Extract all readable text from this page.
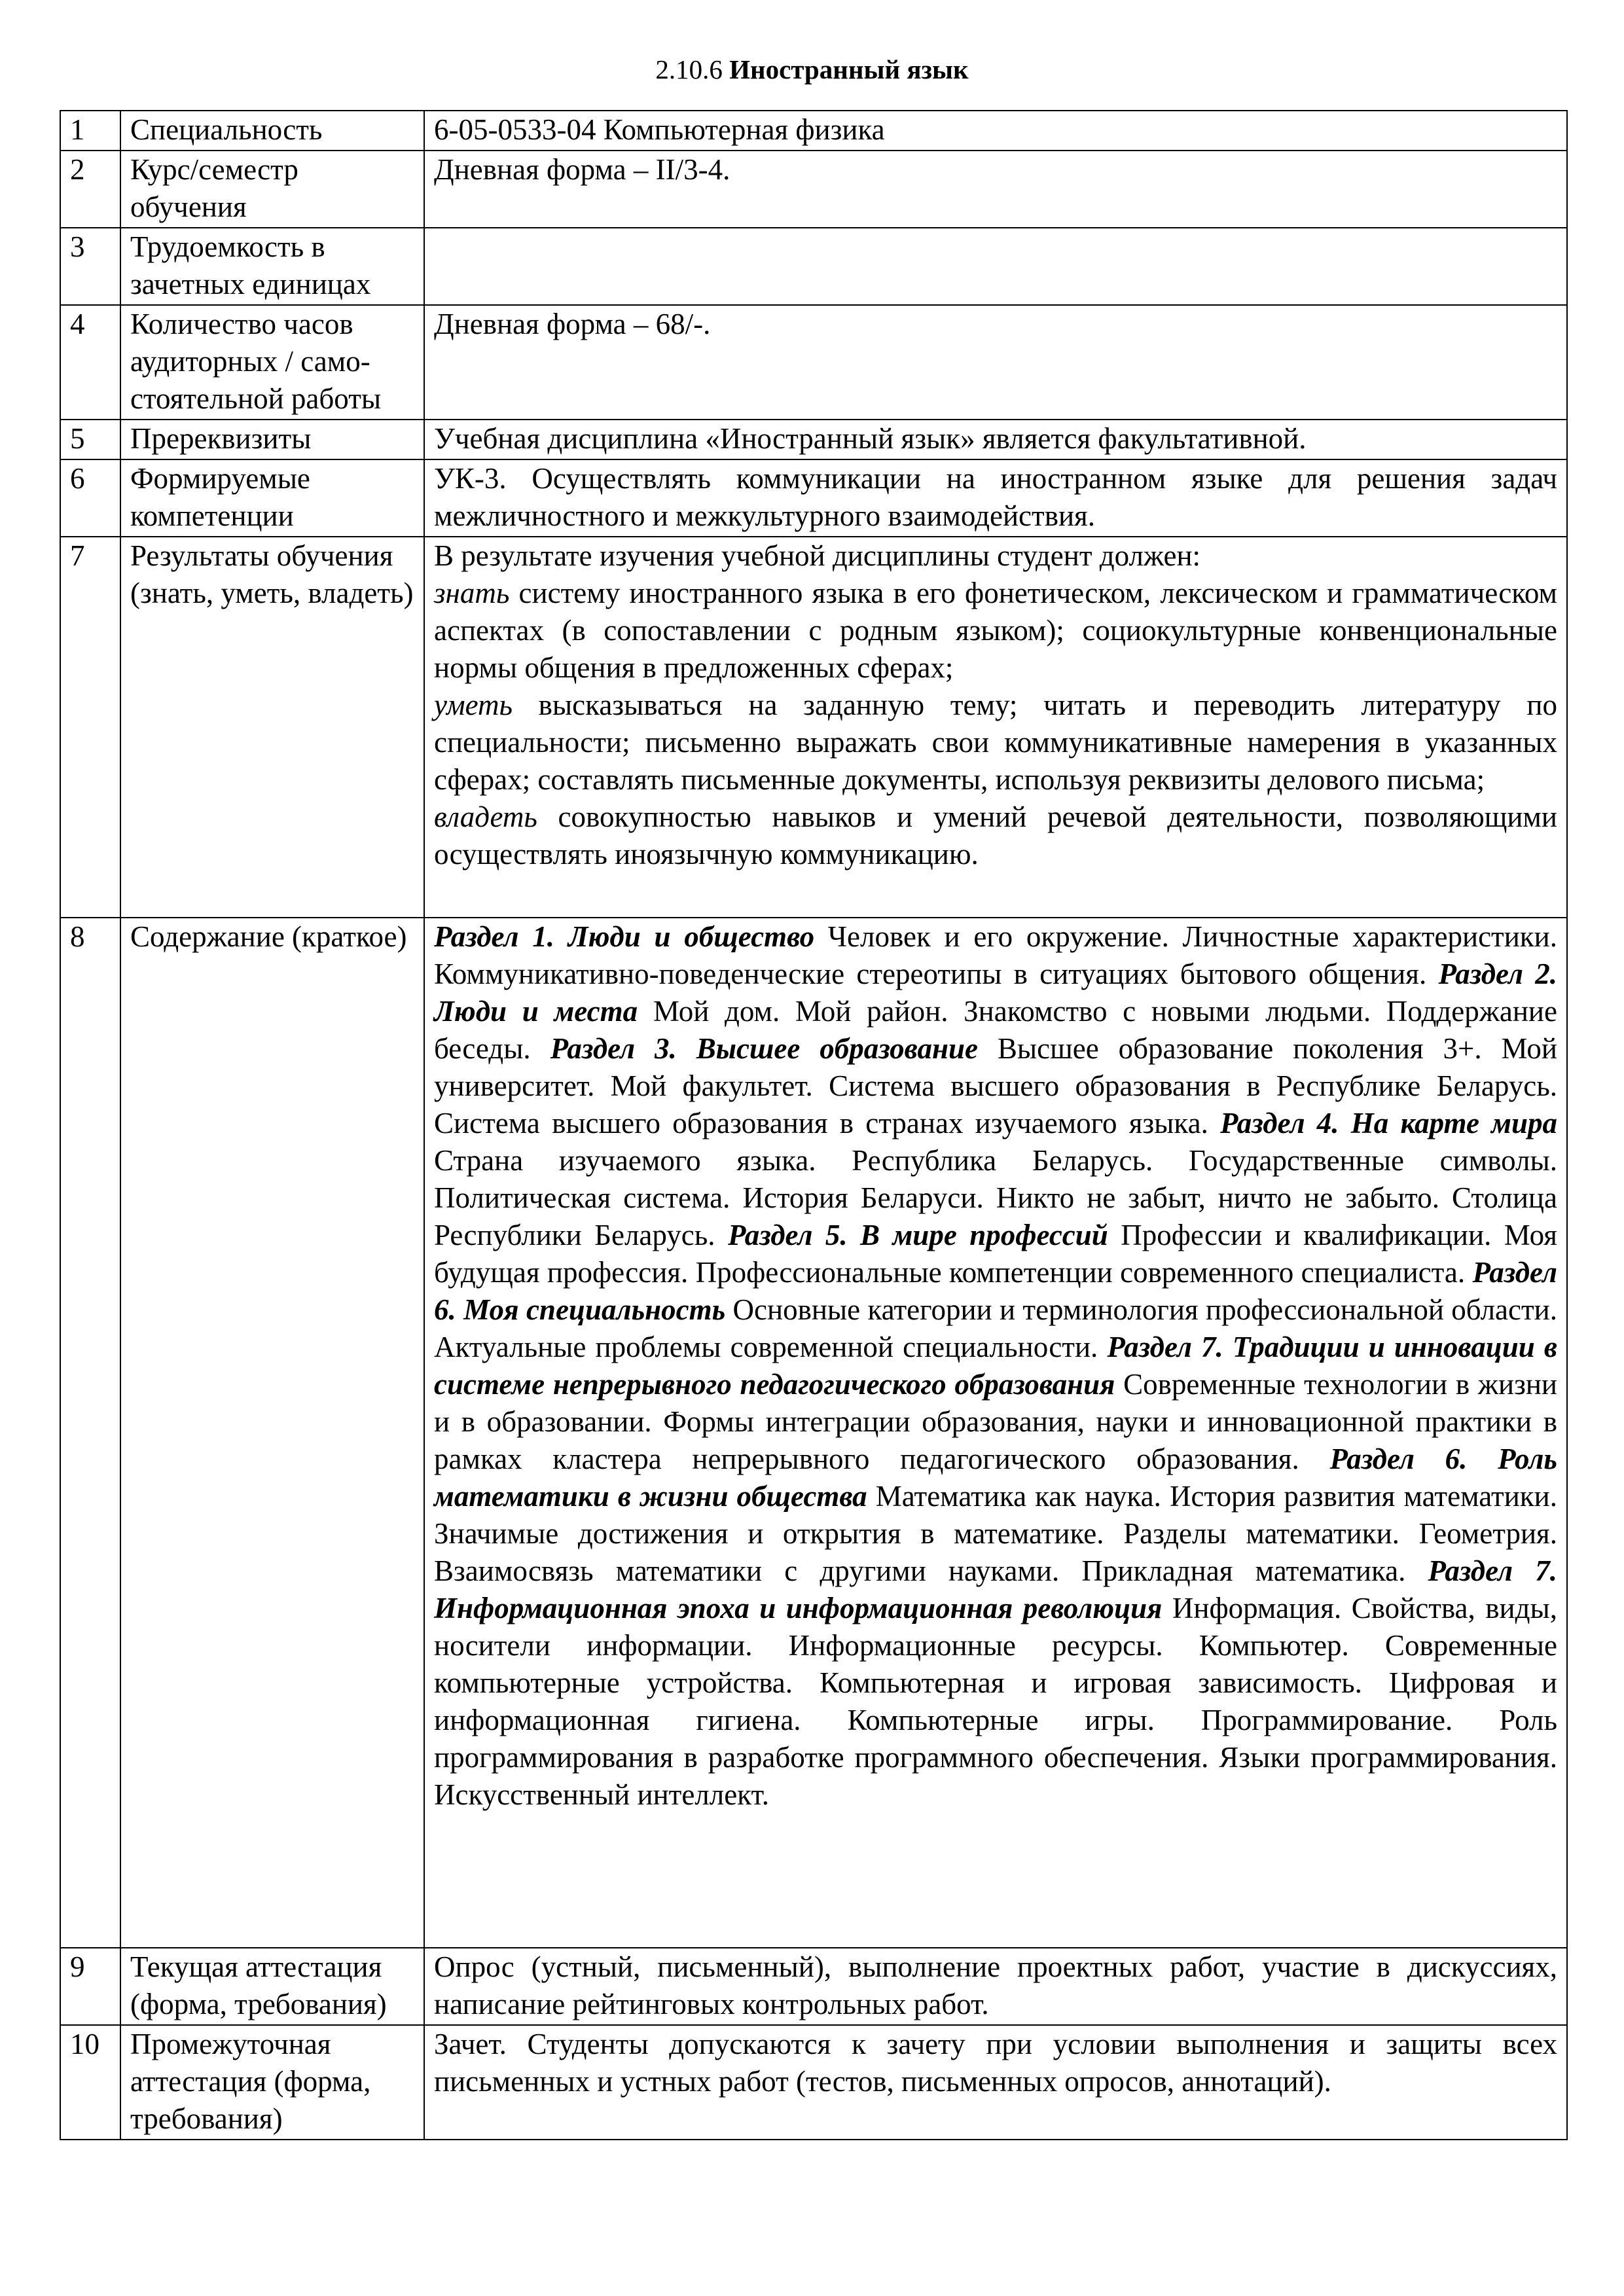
2.10.6 Иностранный язык
1	Специальность	6-05-0533-04 Компьютерная физика
2	Курс/семестр обучения	Дневная форма – II/3-4.
3	Трудоемкость в зачетных единицах	
4	Количество часов аудиторных / само-стоятельной работы	Дневная форма – 68/-.
5	Пререквизиты	Учебная дисциплина «Иностранный язык» является факультативной.
6	Формируемые компетенции	УК-3. Осуществлять коммуникации на иностранном языке для решения задач межличностного и межкультурного взаимодействия.
7	Результаты обучения (знать, уметь, владеть)	В результате изучения учебной дисциплины студент должен:
знать систему иностранного языка в его фонетическом, лексическом и грамматическом аспектах (в сопоставлении с родным языком); социокультурные конвенциональные нормы общения в предложенных сферах;
уметь высказываться на заданную тему; читать и переводить литературу по специальности; письменно выражать свои коммуникативные намерения в указанных сферах; составлять письменные документы, используя реквизиты делового письма;
владеть совокупностью навыков и умений речевой деятельности, позволяющими осуществлять иноязычную коммуникацию.
8	Содержание (краткое)	Раздел 1. Люди и общество Человек и его окружение. Личностные характеристики. Коммуникативно-поведенческие стереотипы в ситуациях бытового общения. Раздел 2. Люди и места Мой дом. Мой район. Знакомство с новыми людьми. Поддержание беседы. Раздел 3. Высшее образование Высшее образование поколения 3+. Мой университет. Мой факультет. Система высшего образования в Республике Беларусь. Система высшего образования в странах изучаемого языка. Раздел 4. На карте мира Страна изучаемого языка. Республика Беларусь. Государственные символы. Политическая система. История Беларуси. Никто не забыт, ничто не забыто. Столица Республики Беларусь. Раздел 5. В мире профессий Профессии и квалификации. Моя будущая профессия. Профессиональные компетенции современного специалиста. Раздел 6. Моя специальность Основные категории и терминология профессиональной области. Актуальные проблемы современной специальности. Раздел 7. Традиции и инновации в системе непрерывного педагогического образования Современные технологии в жизни и в образовании. Формы интеграции образования, науки и инновационной практики в рамках кластера непрерывного педагогического образования. Раздел 6. Роль математики в жизни общества Математика как наука. История развития математики. Значимые достижения и открытия в математике. Разделы математики. Геометрия. Взаимосвязь математики с другими науками. Прикладная математика. Раздел 7. Информационная эпоха и информационная революция Информация. Свойства, виды, носители информации. Информационные ресурсы. Компьютер. Современные компьютерные устройства. Компьютерная и игровая зависимость. Цифровая и информационная гигиена. Компьютерные игры. Программирование. Роль программирования в разработке программного обеспечения. Языки программирования. Искусственный интеллект.
9	Текущая аттестация (форма, требования)	Опрос (устный, письменный), выполнение проектных работ, участие в дискуссиях, написание рейтинговых контрольных работ.
10	Промежуточная аттестация (форма, требования)	Зачет. Студенты допускаются к зачету при условии выполнения и защиты всех письменных и устных работ (тестов, письменных опросов, аннотаций).
